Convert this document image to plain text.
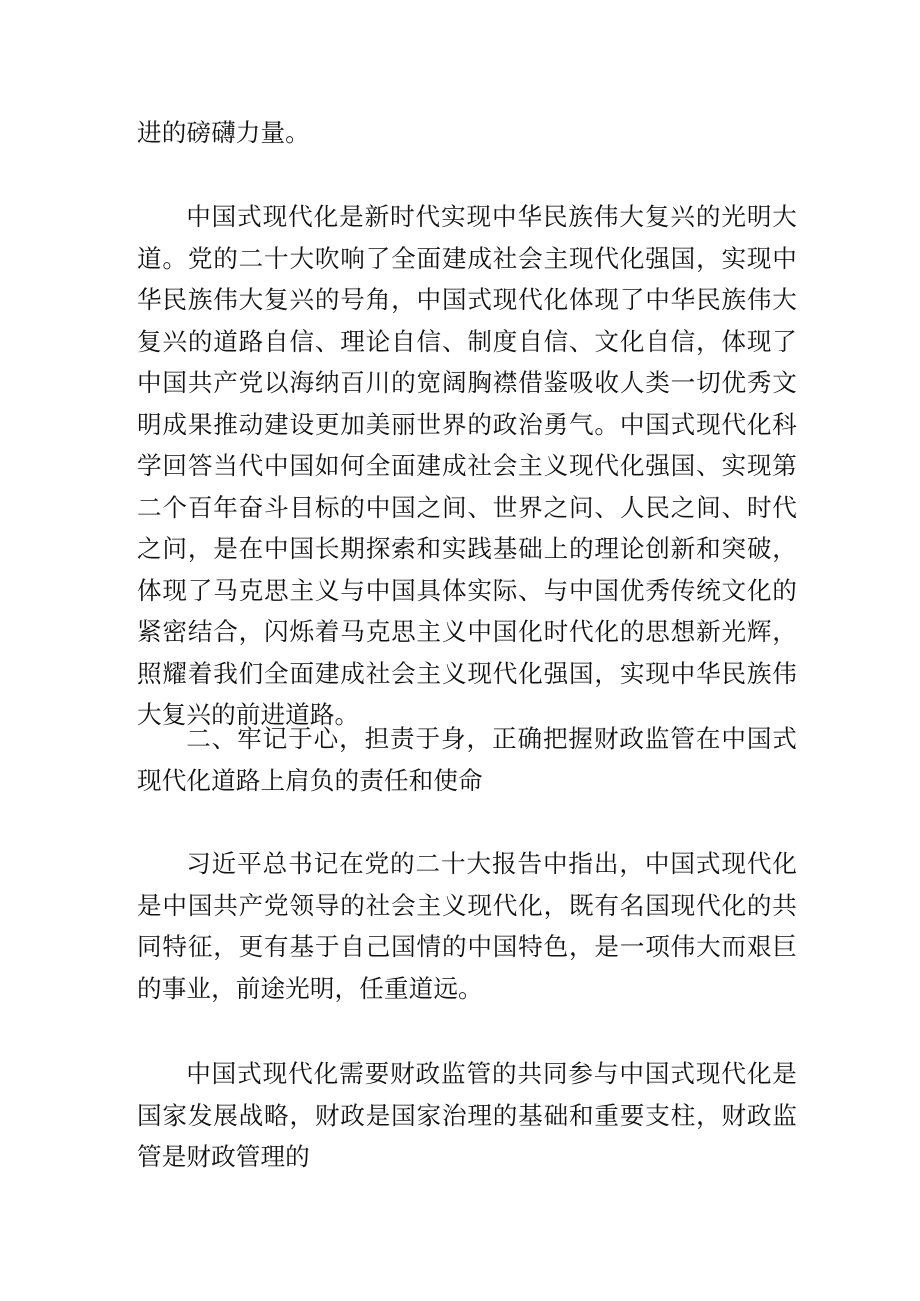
进的磅礴力量。

中国式现代化是新时代实现中华民族伟大复兴的光明大道。党的二十大吹响了全面建成社会主现代化强国，实现中华民族伟大复兴的号角，中国式现代化体现了中华民族伟大复兴的道路自信、理论自信、制度自信、文化自信，体现了中国共产党以海纳百川的宽阔胸襟借鉴吸收人类一切优秀文明成果推动建设更加美丽世界的政治勇气。中国式现代化科学回答当代中国如何全面建成社会主义现代化强国、实现第二个百年奋斗目标的中国之间、世界之问、人民之间、时代之问，是在中国长期探索和实践基础上的理论创新和突破，体现了马克思主义与中国具体实际、与中国优秀传统文化的紧密结合，闪烁着马克思主义中国化时代化的思想新光辉，照耀着我们全面建成社会主义现代化强国，实现中华民族伟大复兴的前进道路。

二、牢记于心，担责于身，正确把握财政监管在中国式现代化道路上肩负的责任和使命

习近平总书记在党的二十大报告中指出，中国式现代化是中国共产党领导的社会主义现代化，既有名国现代化的共同特征，更有基于自己国情的中国特色，是一项伟大而艰巨的事业，前途光明，任重道远。

中国式现代化需要财政监管的共同参与中国式现代化是国家发展战略，财政是国家治理的基础和重要支柱，财政监管是财政管理的
